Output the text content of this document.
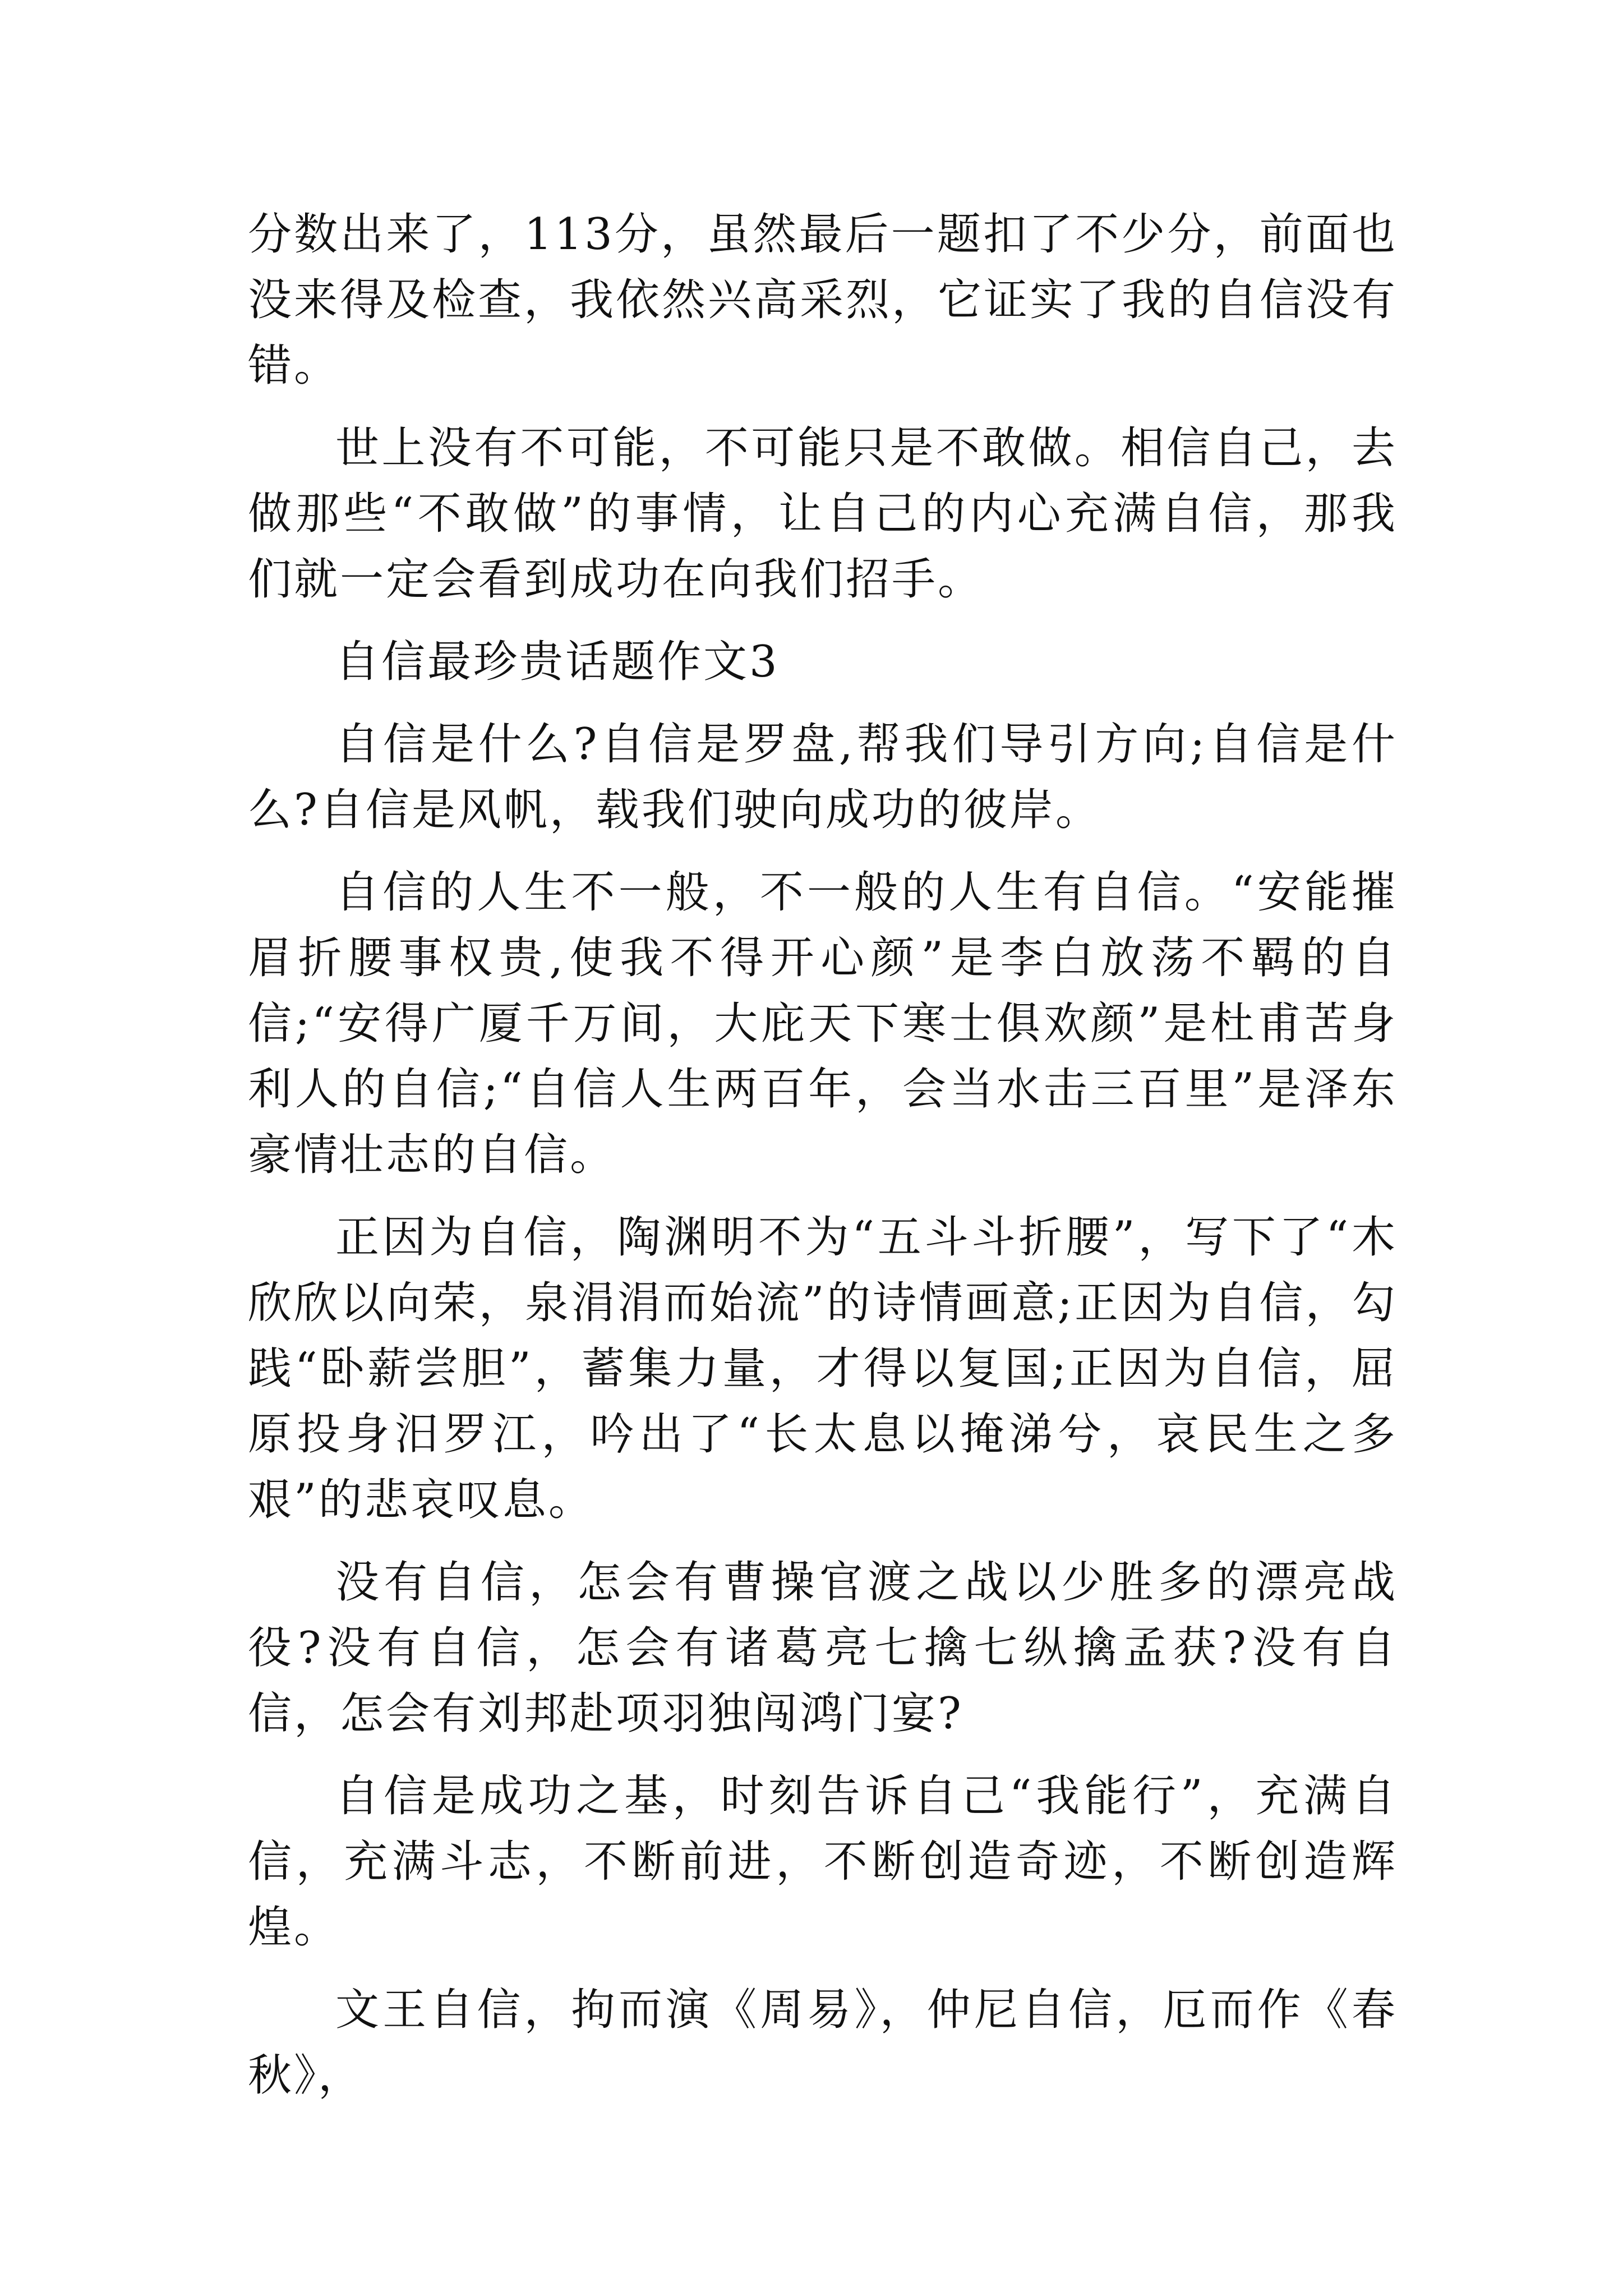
分数出来了，113分，虽然最后一题扣了不少分，前面也没来得及检查，我依然兴高采烈，它证实了我的自信没有错。

世上没有不可能，不可能只是不敢做。相信自己，去做那些“不敢做”的事情，让自己的内心充满自信，那我们就一定会看到成功在向我们招手。

自信最珍贵话题作文3

自信是什么?自信是罗盘,帮我们导引方向;自信是什么?自信是风帆，载我们驶向成功的彼岸。

自信的人生不一般，不一般的人生有自信。“安能摧眉折腰事权贵,使我不得开心颜”是李白放荡不羁的自信;“安得广厦千万间，大庇天下寒士俱欢颜”是杜甫苦身利人的自信;“自信人生两百年，会当水击三百里”是泽东豪情壮志的自信。

正因为自信，陶渊明不为“五斗斗折腰”，写下了“木欣欣以向荣，泉涓涓而始流”的诗情画意;正因为自信，勾践“卧薪尝胆”，蓄集力量，才得以复国;正因为自信，屈原投身汨罗江，吟出了“长太息以掩涕兮，哀民生之多艰”的悲哀叹息。

没有自信，怎会有曹操官渡之战以少胜多的漂亮战役?没有自信，怎会有诸葛亮七擒七纵擒孟获?没有自信，怎会有刘邦赴项羽独闯鸿门宴?

自信是成功之基，时刻告诉自己“我能行”，充满自信，充满斗志，不断前进，不断创造奇迹，不断创造辉煌。

文王自信，拘而演《周易》，仲尼自信，厄而作《春秋》，
